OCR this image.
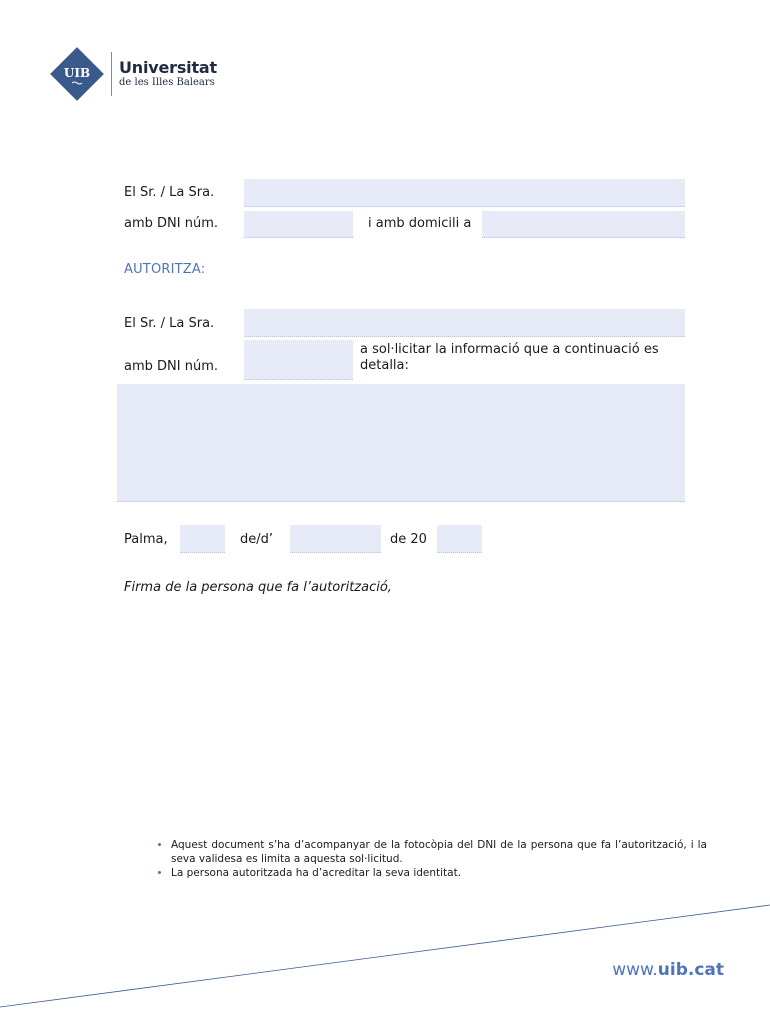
UIB Universitat
de les Illes Balears
El Sr. / La Sra.
amb DNI núm.	i amb domicili a
AUTORITZA:
El Sr. / La Sra.
amb DNI núm.
a sol·licitar la informació que a continuació es detalla:
Palma,	de/d’	de 20
Firma de la persona que fa l’autorització,
• Aquest document s’ha d’acompanyar de la fotocòpia del DNI de la persona que fa l’autorització, i la seva validesa es limita a aquesta sol·licitud.
• La persona autoritzada ha d’acreditar la seva identitat.
www.uib.cat
